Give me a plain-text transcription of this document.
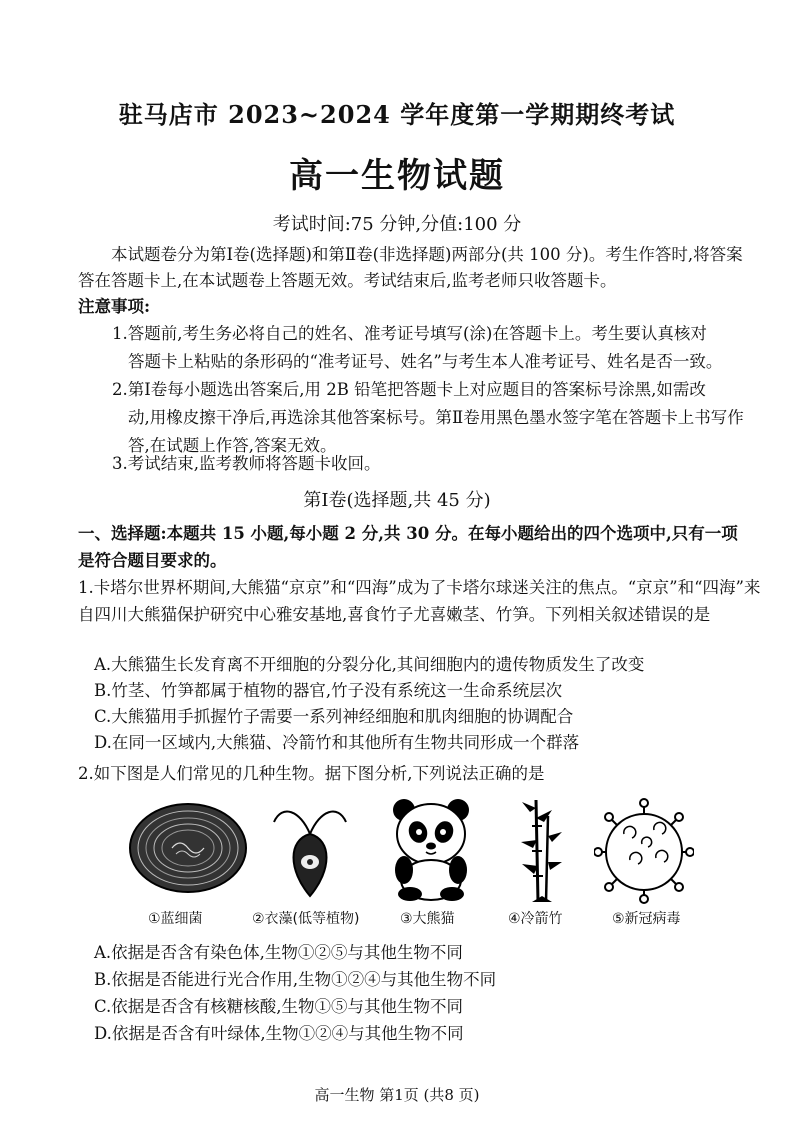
驻马店市 2023~2024 学年度第一学期期终考试
高一生物试题
考试时间:75 分钟,分值:100 分
本试题卷分为第Ⅰ卷(选择题)和第Ⅱ卷(非选择题)两部分(共 100 分)。考生作答时,将答案答在答题卡上,在本试题卷上答题无效。考试结束后,监考老师只收答题卡。
注意事项:
1.答题前,考生务必将自己的姓名、准考证号填写(涂)在答题卡上。考生要认真核对
答题卡上粘贴的条形码的“准考证号、姓名”与考生本人准考证号、姓名是否一致。
2.第Ⅰ卷每小题选出答案后,用 2B 铅笔把答题卡上对应题目的答案标号涂黑,如需改
动,用橡皮擦干净后,再选涂其他答案标号。第Ⅱ卷用黑色墨水签字笔在答题卡上书写作答,在试题上作答,答案无效。
3.考试结束,监考教师将答题卡收回。
第Ⅰ卷(选择题,共 45 分)
一、选择题:本题共 15 小题,每小题 2 分,共 30 分。在每小题给出的四个选项中,只有一项是符合题目要求的。
1.卡塔尔世界杯期间,大熊猫“京京”和“四海”成为了卡塔尔球迷关注的焦点。“京京”和“四海”来自四川大熊猫保护研究中心雅安基地,喜食竹子尤喜嫩茎、竹笋。下列相关叙述错误的是
A.大熊猫生长发育离不开细胞的分裂分化,其间细胞内的遗传物质发生了改变
B.竹茎、竹笋都属于植物的器官,竹子没有系统这一生命系统层次
C.大熊猫用手抓握竹子需要一系列神经细胞和肌肉细胞的协调配合
D.在同一区域内,大熊猫、冷箭竹和其他所有生物共同形成一个群落
2.如下图是人们常见的几种生物。据下图分析,下列说法正确的是
①蓝细菌	②衣藻(低等植物)	③大熊猫	④冷箭竹	⑤新冠病毒
A.依据是否含有染色体,生物①②⑤与其他生物不同
B.依据是否能进行光合作用,生物①②④与其他生物不同
C.依据是否含有核糖核酸,生物①⑤与其他生物不同
D.依据是否含有叶绿体,生物①②④与其他生物不同
高一生物 第1页 (共8 页)
